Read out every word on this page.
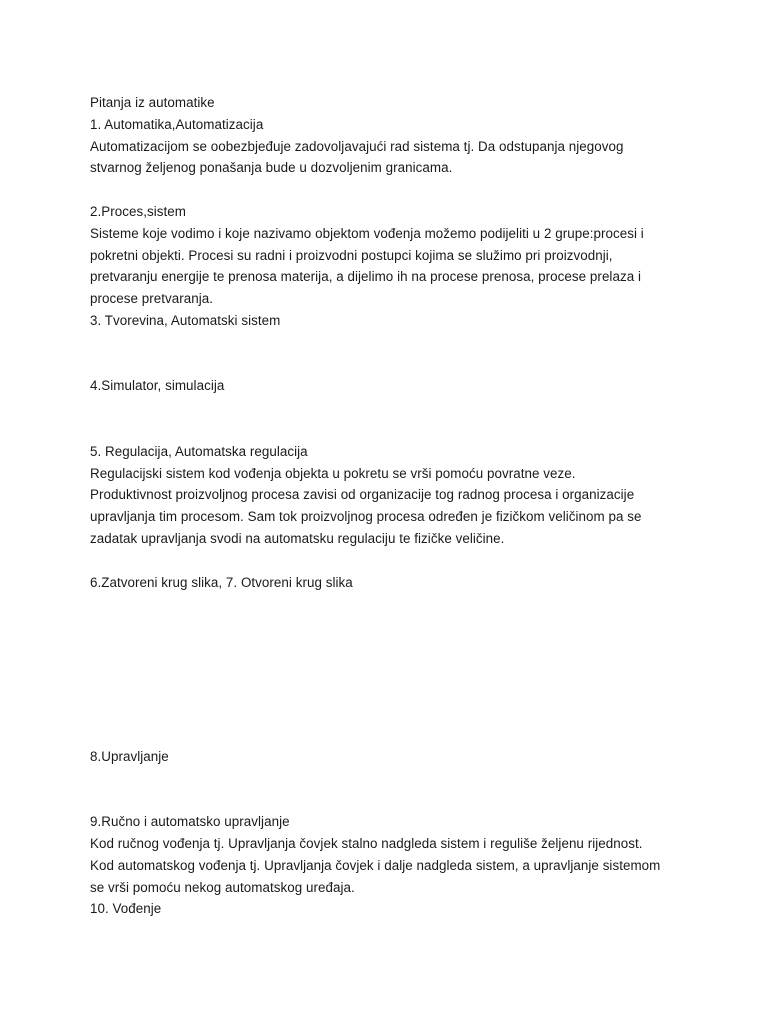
Pitanja iz automatike
1. Automatika,Automatizacija
Automatizacijom se oobezbjeđuje zadovoljavajući rad sistema tj. Da odstupanja njegovog
stvarnog željenog ponašanja bude u dozvoljenim granicama.
2.Proces,sistem
Sisteme koje vodimo i koje nazivamo objektom vođenja možemo podijeliti u 2 grupe:procesi i
pokretni objekti. Procesi su radni i proizvodni postupci kojima se služimo pri proizvodnji,
pretvaranju energije te prenosa materija, a dijelimo ih na procese prenosa, procese prelaza i
procese pretvaranja.
3. Tvorevina, Automatski sistem
4.Simulator, simulacija
5. Regulacija, Automatska regulacija
Regulacijski sistem kod vođenja objekta u pokretu se vrši pomoću povratne veze.
Produktivnost proizvoljnog procesa zavisi od organizacije tog radnog procesa i organizacije
upravljanja tim procesom. Sam tok proizvoljnog procesa određen je fizičkom veličinom pa se
zadatak upravljanja svodi na automatsku regulaciju te fizičke veličine.
6.Zatvoreni krug slika, 7. Otvoreni krug slika
8.Upravljanje
9.Ručno i automatsko upravljanje
Kod ručnog vođenja tj. Upravljanja čovjek stalno nadgleda sistem i reguliše željenu rijednost.
Kod automatskog vođenja tj. Upravljanja čovjek i dalje nadgleda sistem, a upravljanje sistemom
se vrši pomoću nekog automatskog uređaja.
10. Vođenje
